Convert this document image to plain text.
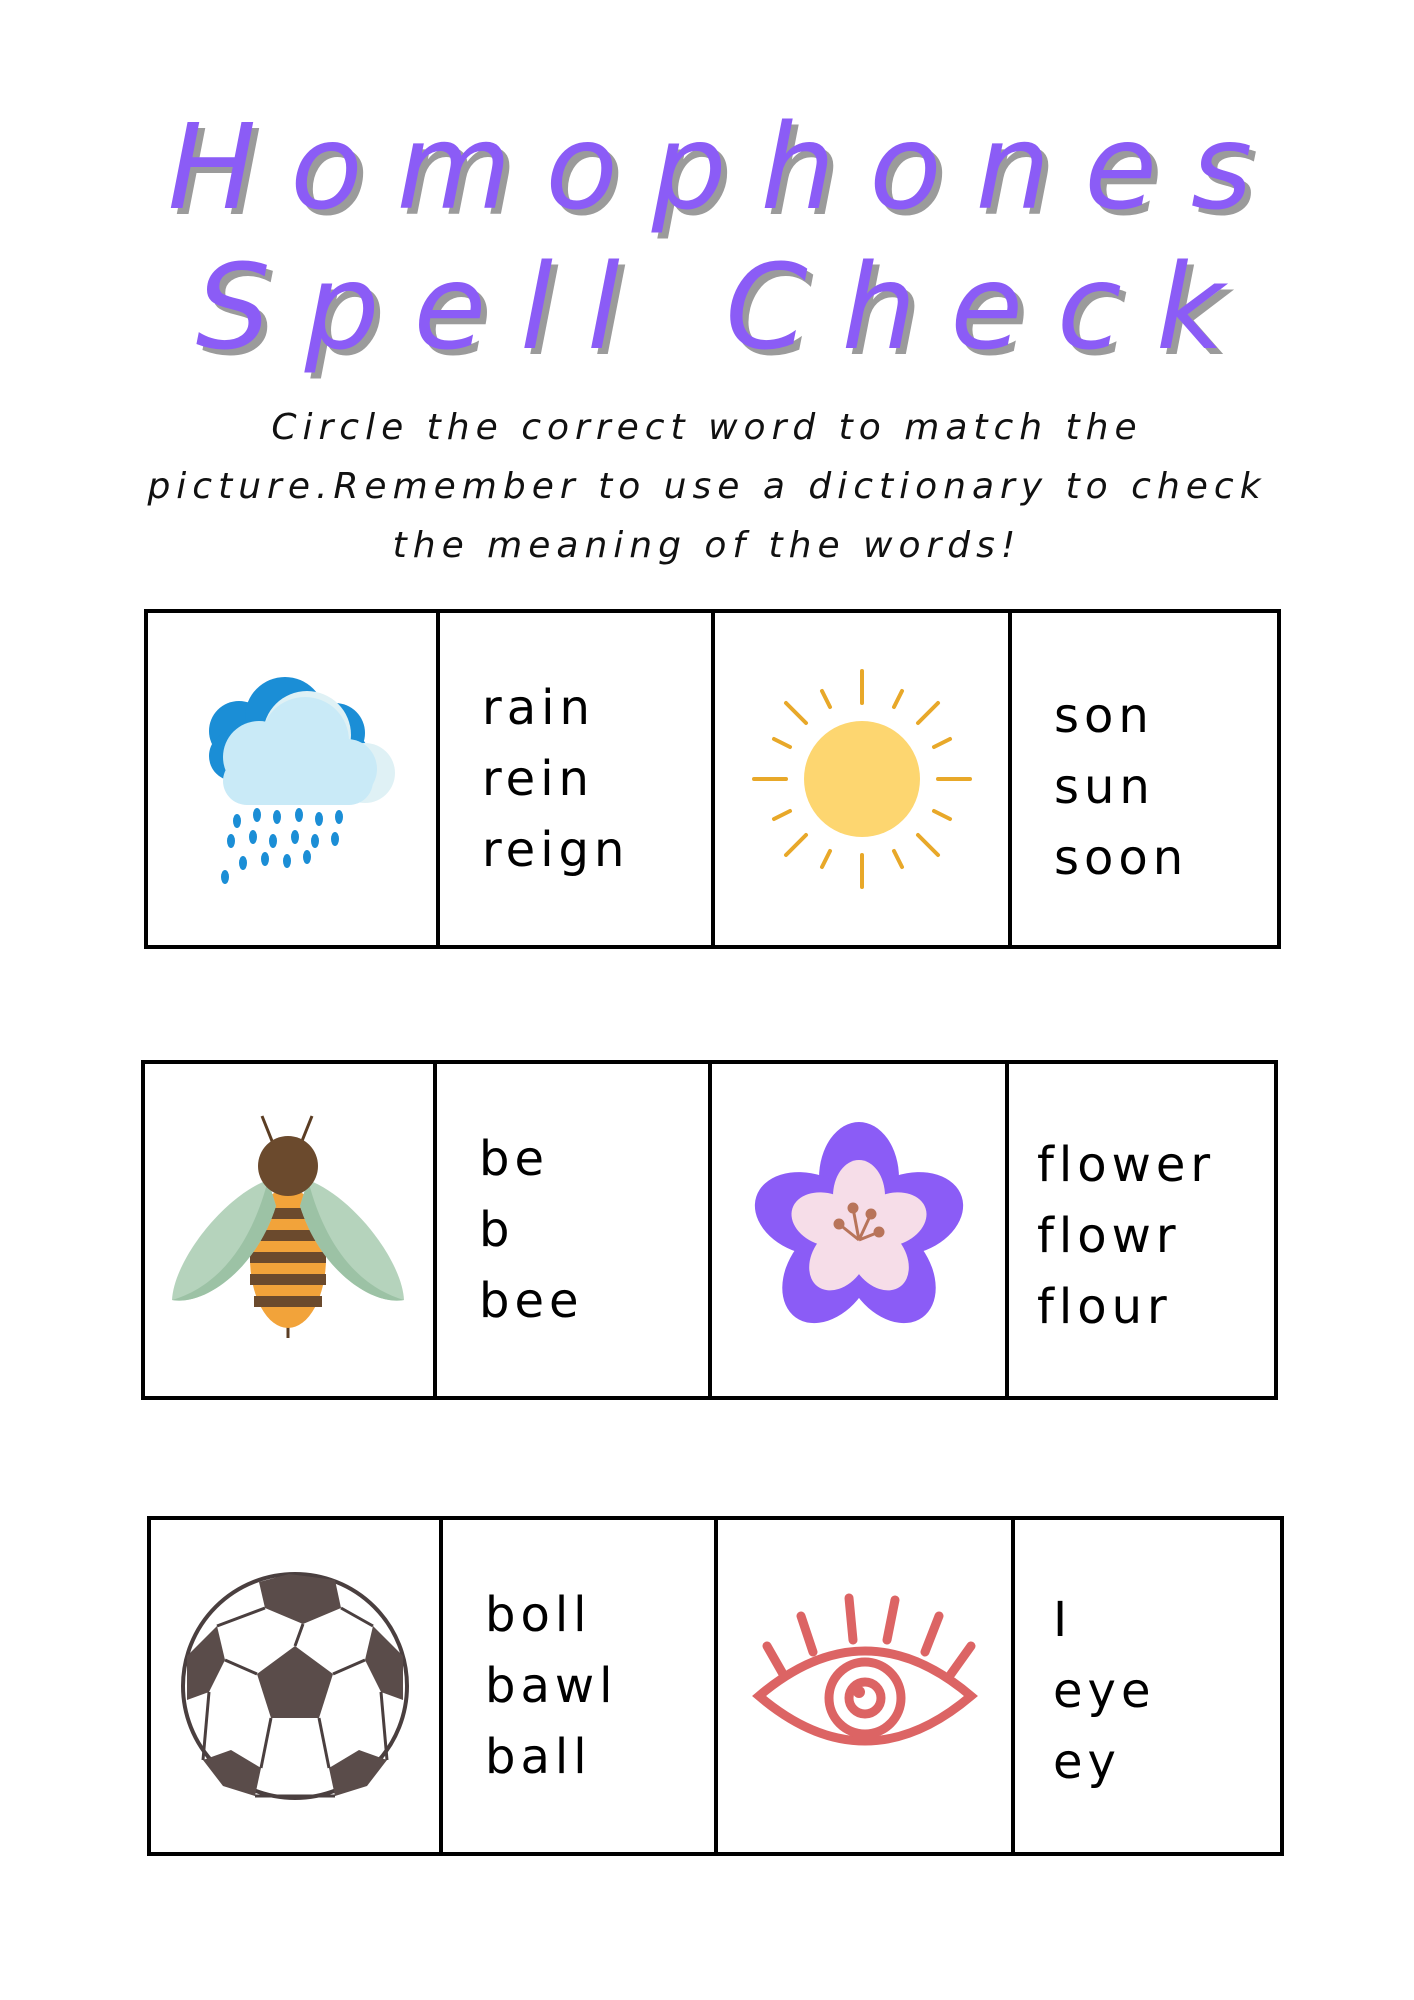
Homophones
Spell Check
Circle the correct word to match the picture.Remember to use a dictionary to check the meaning of the words!
rain
rein
reign
son
sun
soon
be
b
bee
flower
flowr
flour
boll
bawl
ball
I
eye
ey
